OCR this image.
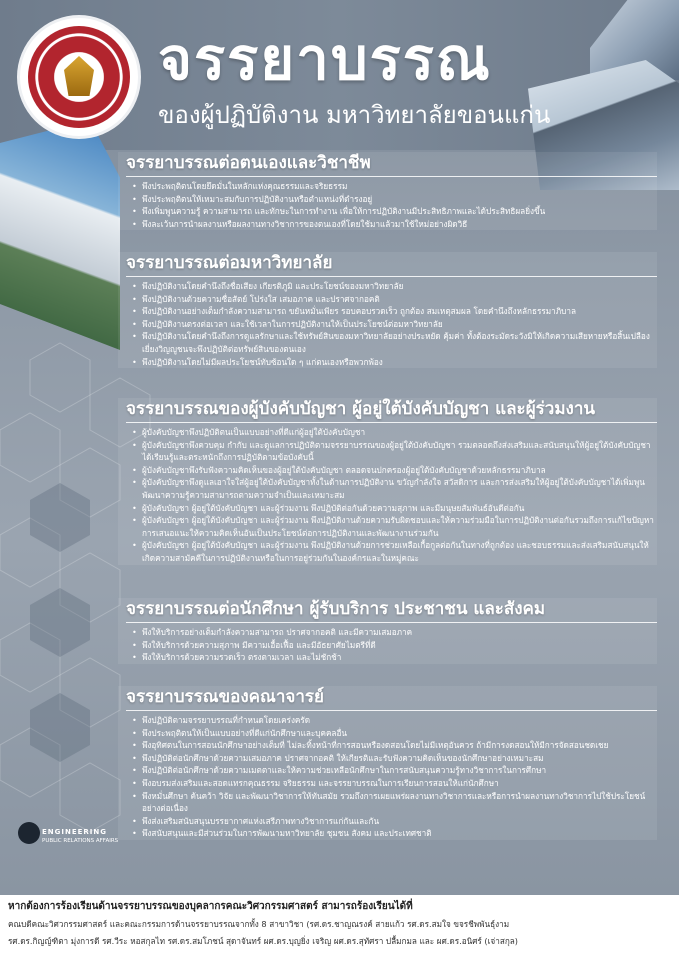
จรรยาบรรณ
ของผู้ปฏิบัติงาน มหาวิทยาลัยขอนแก่น
จรรยาบรรณต่อตนเองและวิชาชีพ
• พึงประพฤติตนโดยยึดมั่นในหลักแห่งคุณธรรมและจริยธรรม
• พึงประพฤติตนให้เหมาะสมกับการปฏิบัติงานหรือตำแหน่งที่ดำรงอยู่
• พึงเพิ่มพูนความรู้ ความสามารถ และทักษะในการทำงาน เพื่อให้การปฏิบัติงานมีประสิทธิภาพและได้ประสิทธิผลยิ่งขึ้น
• พึงละเว้นการนำผลงานหรือผลงานทางวิชาการของตนเองที่โดยใช้มาแล้วมาใช้ใหม่อย่างผิดวิธี
จรรยาบรรณต่อมหาวิทยาลัย
• พึงปฏิบัติงานโดยคำนึงถึงชื่อเสียง เกียรติภูมิ และประโยชน์ของมหาวิทยาลัย
• พึงปฏิบัติงานด้วยความซื่อสัตย์ โปร่งใส เสมอภาค และปราศจากอคติ
• พึงปฏิบัติงานอย่างเต็มกำลังความสามารถ ขยันหมั่นเพียร รอบคอบรวดเร็ว ถูกต้อง สมเหตุสมผล โดยคำนึงถึงหลักธรรมาภิบาล
• พึงปฏิบัติงานตรงต่อเวลา และใช้เวลาในการปฏิบัติงานให้เป็นประโยชน์ต่อมหาวิทยาลัย
• พึงปฏิบัติงานโดยคำนึงถึงการดูแลรักษาและใช้ทรัพย์สินของมหาวิทยาลัยอย่างประหยัด คุ้มค่า ทั้งต้องระมัดระวังมิให้เกิดความเสียหายหรือสิ้นเปลืองเยี่ยงวิญญูชนจะพึงปฏิบัติต่อทรัพย์สินของตนเอง
• พึงปฏิบัติงานโดยไม่มีผลประโยชน์ทับซ้อนใด ๆ แก่ตนเองหรือพวกพ้อง
จรรยาบรรณของผู้บังคับบัญชา ผู้อยู่ใต้บังคับบัญชา และผู้ร่วมงาน
• ผู้บังคับบัญชาพึงปฏิบัติตนเป็นแบบอย่างที่ดีแก่ผู้อยู่ใต้บังคับบัญชา
• ผู้บังคับบัญชาพึงควบคุม กำกับ และดูแลการปฏิบัติตามจรรยาบรรณของผู้อยู่ใต้บังคับบัญชา รวมตลอดถึงส่งเสริมและสนับสนุนให้ผู้อยู่ใต้บังคับบัญชาได้เรียนรู้และตระหนักถึงการปฏิบัติตามข้อบังคับนี้
• ผู้บังคับบัญชาพึงรับฟังความคิดเห็นของผู้อยู่ใต้บังคับบัญชา ตลอดจนปกครองผู้อยู่ใต้บังคับบัญชาด้วยหลักธรรมาภิบาล
• ผู้บังคับบัญชาพึงดูแลเอาใจใส่ผู้อยู่ใต้บังคับบัญชาทั้งในด้านการปฏิบัติงาน ขวัญกำลังใจ สวัสดิการ และการส่งเสริมให้ผู้อยู่ใต้บังคับบัญชาได้เพิ่มพูนพัฒนาความรู้ความสามารถตามความจำเป็นและเหมาะสม
• ผู้บังคับบัญชา ผู้อยู่ใต้บังคับบัญชา และผู้ร่วมงาน พึงปฏิบัติต่อกันด้วยความสุภาพ และมีมนุษยสัมพันธ์อันดีต่อกัน
• ผู้บังคับบัญชา ผู้อยู่ใต้บังคับบัญชา และผู้ร่วมงาน พึงปฏิบัติงานด้วยความรับผิดชอบและให้ความร่วมมือในการปฏิบัติงานต่อกันรวมถึงการแก้ไขปัญหา การเสนอแนะให้ความคิดเห็นอันเป็นประโยชน์ต่อการปฏิบัติงานและพัฒนางานร่วมกัน
• ผู้บังคับบัญชา ผู้อยู่ใต้บังคับบัญชา และผู้ร่วมงาน พึงปฏิบัติงานด้วยการช่วยเหลือเกื้อกูลต่อกันในทางที่ถูกต้อง และชอบธรรมและส่งเสริมสนับสนุนให้เกิดความสามัคคีในการปฏิบัติงานหรือในการอยู่ร่วมกันในองค์กรและในหมู่คณะ
จรรยาบรรณต่อนักศึกษา ผู้รับบริการ ประชาชน และสังคม
• พึงให้บริการอย่างเต็มกำลังความสามารถ ปราศจากอคติ และมีความเสมอภาค
• พึงให้บริการด้วยความสุภาพ มีความเอื้อเฟื้อ และมีอัธยาศัยไมตรีที่ดี
• พึงให้บริการด้วยความรวดเร็ว ตรงตามเวลา และไม่ชักช้า
จรรยาบรรณของคณาจารย์
• พึงปฏิบัติตามจรรยาบรรณที่กำหนดโดยเคร่งครัด
• พึงประพฤติตนให้เป็นแบบอย่างที่ดีแก่นักศึกษาและบุคคลอื่น
• พึงอุทิศตนในการสอนนักศึกษาอย่างเต็มที่ ไม่ละทิ้งหน้าที่การสอนหรืองดสอนโดยไม่มีเหตุอันควร ถ้ามีการงดสอนให้มีการจัดสอนชดเชย
• พึงปฏิบัติต่อนักศึกษาด้วยความเสมอภาค ปราศจากอคติ ให้เกียรติและรับฟังความคิดเห็นของนักศึกษาอย่างเหมาะสม
• พึงปฏิบัติต่อนักศึกษาด้วยความเมตตาและให้ความช่วยเหลือนักศึกษาในการสนับสนุนความรู้ทางวิชาการในการศึกษา
• พึงอบรมส่งเสริมและสอดแทรกคุณธรรม จริยธรรม และจรรยาบรรณในการเรียนการสอนให้แก่นักศึกษา
• พึงหมั่นศึกษา ค้นคว้า วิจัย และพัฒนาวิชาการให้ทันสมัย รวมถึงการเผยแพร่ผลงานทางวิชาการและหรือการนำผลงานทางวิชาการไปใช้ประโยชน์อย่างต่อเนื่อง
• พึงส่งเสริมสนับสนุนบรรยากาศแห่งเสรีภาพทางวิชาการแก่กันและกัน
• พึงสนับสนุนและมีส่วนร่วมในการพัฒนามหาวิทยาลัย ชุมชน สังคม และประเทศชาติ
ENGINEERING
PUBLIC RELATIONS AFFAIRS
หากต้องการร้องเรียนด้านจรรยาบรรณของบุคลากรคณะวิศวกรรมศาสตร์ สามารถร้องเรียนได้ที่
คณบดีคณะวิศวกรรมศาสตร์ และคณะกรรมการด้านจรรยาบรรณจากทั้ง 8 สาขาวิชา (รศ.ดร.ชาญณรงค์ สายแก้ว รศ.ดร.สมใจ ขจรชีพพันธุ์งาม
รศ.ดร.กิญญ์ฑิตา มุ่งการดี รศ.วีระ หอสกุลไท รศ.ดร.สมโภชน์ สุดาจันทร์ ผศ.ดร.บุญยิ่ง เจริญ ผศ.ดร.สุทัศรา ปลื้มกมล และ ผศ.ดร.อนิศร์ (เจ่าสกุล)
